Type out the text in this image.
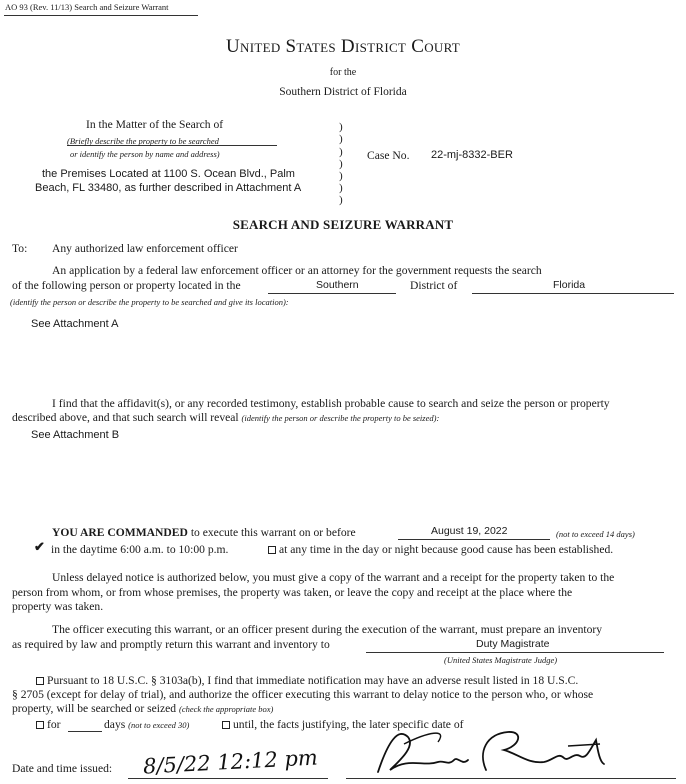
AO 93 (Rev. 11/13) Search and Seizure Warrant
United States District Court
for the
Southern District of Florida
In the Matter of the Search of
(Briefly describe the property to be searched
or identify the person by name and address)
the Premises Located at 1100 S. Ocean Blvd., Palm
Beach, FL 33480, as further described in Attachment A
)
)
)
)
)
)
)
Case No. 22-mj-8332-BER
SEARCH AND SEIZURE WARRANT
To: Any authorized law enforcement officer
An application by a federal law enforcement officer or an attorney for the government requests the search
of the following person or property located in the	Southern	District of	Florida
(identify the person or describe the property to be searched and give its location):
See Attachment A
I find that the affidavit(s), or any recorded testimony, establish probable cause to search and seize the person or property
described above, and that such search will reveal (identify the person or describe the property to be seized):
See Attachment B
YOU ARE COMMANDED to execute this warrant on or before	August 19, 2022	(not to exceed 14 days)
✔ in the daytime 6:00 a.m. to 10:00 p.m.	at any time in the day or night because good cause has been established.
Unless delayed notice is authorized below, you must give a copy of the warrant and a receipt for the property taken to the
person from whom, or from whose premises, the property was taken, or leave the copy and receipt at the place where the
property was taken.
The officer executing this warrant, or an officer present during the execution of the warrant, must prepare an inventory
as required by law and promptly return this warrant and inventory to	Duty Magistrate
(United States Magistrate Judge)
Pursuant to 18 U.S.C. § 3103a(b), I find that immediate notification may have an adverse result listed in 18 U.S.C.
§ 2705 (except for delay of trial), and authorize the officer executing this warrant to delay notice to the person who, or whose
property, will be searched or seized (check the appropriate box)
for	days (not to exceed 30)	until, the facts justifying, the later specific date of
Date and time issued: 8/5/22 12:12 pm
